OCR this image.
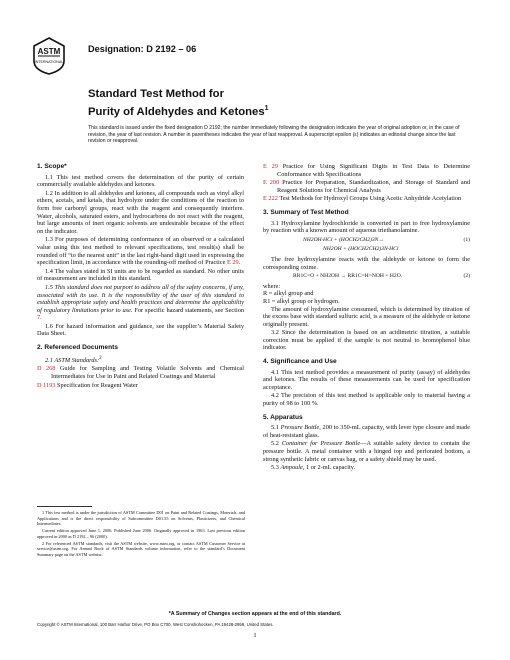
ASTM
INTERNATIONAL
Designation: D 2192 – 06
Standard Test Method for
Purity of Aldehydes and Ketones$^1$
This standard is issued under the fixed designation D 2192; the number immediately following the designation indicates the year of original adoption or, in the case of revision, the year of last revision. A number in parentheses indicates the year of last reapproval. A superscript epsilon (ε) indicates an editorial change since the last revision or reapproval.
1. Scope*

1.1 This test method covers the determination of the purity of certain commercially available aldehydes and ketones.

1.2 In addition to all aldehydes and ketones, all compounds such as vinyl alkyl ethers, acetals, and ketals, that hydrolyze under the conditions of the reaction to form free carbonyl groups, react with the reagent and consequently interfere. Water, alcohols, saturated esters, and hydrocarbons do not react with the reagent, but large amounts of inert organic solvents are undesirable because of the effect on the indicator.

1.3 For purposes of determining conformance of an observed or a calculated value using this test method to relevant specifications, test result(s) shall be rounded off “to the nearest unit” in the last right-hand digit used in expressing the specification limit, in accordance with the rounding-off method of Practice E 29.

1.4 The values stated in SI units are to be regarded as standard. No other units of measurement are included in this standard.

1.5 This standard does not purport to address all of the safety concerns, if any, associated with its use. It is the responsibility of the user of this standard to establish appropriate safety and health practices and determine the applicability of regulatory limitations prior to use. For specific hazard statements, see Section 7.

1.6 For hazard information and guidance, see the supplier’s Material Safety Data Sheet.

2. Referenced Documents

2.1 ASTM Standards:$^2$

D 268 Guide for Sampling and Testing Volatile Solvents and Chemical Intermediates for Use in Paint and Related Coatings and Material

D 1193 Specification for Reagent Water

E 29 Practice for Using Significant Digits in Test Data to Determine Conformance with Specifications

E 200 Practice for Preparation, Standardization, and Storage of Standard and Reagent Solutions for Chemical Analysis

E 222 Test Methods for Hydroxyl Groups Using Acetic Anhydride Acetylation

3. Summary of Test Method

3.1 Hydroxylamine hydrochloride is converted in part to free hydroxylamine by reaction with a known amount of aqueous triethanolamine.

NH2OH·HCl + (HOCH2CH2)3N→	(1)
NH2OH + (HOCH2CH2)3N·HCl

The free hydroxylamine reacts with the aldehyde or ketone to form the corresponding oxime.

RR1C=O + NH2OH → RR1C=H=NOH + H2O.	(2)
where:
R = alkyl group and
R1 = alkyl group or hydrogen.

The amount of hydroxylamine consumed, which is determined by titration of the excess base with standard sulfuric acid, is a measure of the aldehyde or ketone originally present.

3.2 Since the determination is based on an acidimetric titration, a suitable correction must be applied if the sample is not neutral to bromophenol blue indicator.

4. Significance and Use

4.1 This test method provides a measurement of purity (assay) of aldehydes and ketones. The results of these measurements can be used for specification acceptance.

4.2 The precision of this test method is applicable only to material having a purity of 98 to 100 %.

5. Apparatus

5.1 Pressure Bottle, 200 to 350-mL capacity, with lever type closure and made of heat-resistant glass.

5.2 Container for Pressure Bottle—A suitable safety device to contain the pressure bottle. A metal container with a hinged top and perforated bottom, a strong synthetic fabric or canvas bag, or a safety shield may be used.

5.3 Ampoule, 1 or 2-mL capacity.

1 This test method is under the jurisdiction of ASTM Committee D01 on Paint and Related Coatings, Materials, and Applications and is the direct responsibility of Subcommittee D01.35 on Solvents, Plasticizers, and Chemical Intermediates.

Current edition approved June 1, 2006. Published June 2006. Originally approved in 1963. Last previous edition approved in 2000 as D 2192 – 96 (2000).

2 For referenced ASTM standards, visit the ASTM website, www.astm.org, or contact ASTM Customer Service at service@astm.org. For Annual Book of ASTM Standards volume information, refer to the standard’s Document Summary page on the ASTM website.

*A Summary of Changes section appears at the end of this standard.
Copyright © ASTM International, 100 Barr Harbor Drive, PO Box C700, West Conshohocken, PA 19428-2959, United States.
1
